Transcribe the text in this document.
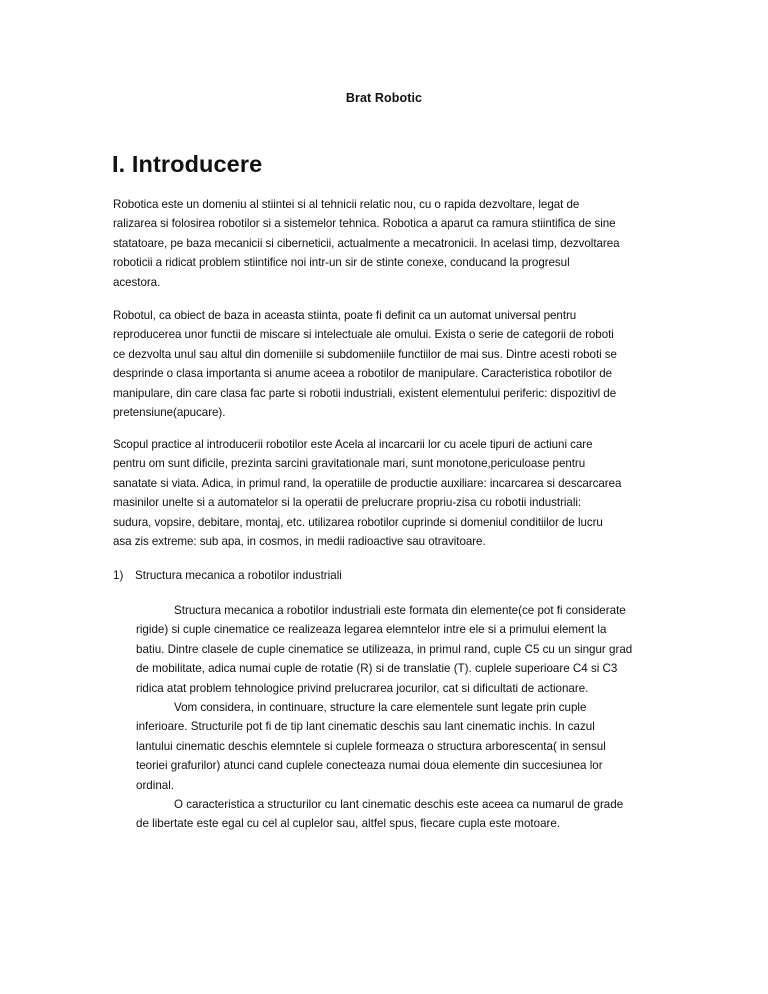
Brat Robotic
I. Introducere
Robotica este un domeniu al stiintei si al tehnicii relatic nou, cu o rapida dezvoltare, legat de
ralizarea si folosirea robotilor si a sistemelor tehnica. Robotica a aparut ca ramura stiintifica de sine
statatoare, pe baza mecanicii si ciberneticii, actualmente a mecatronicii. In acelasi timp, dezvoltarea
roboticii a ridicat problem stiintifice noi intr-un sir de stinte conexe, conducand la progresul
acestora.
Robotul, ca obiect de baza in aceasta stiinta, poate fi definit ca un automat universal pentru
reproducerea unor functii de miscare si intelectuale ale omului. Exista o serie de categorii de roboti
ce dezvolta unul sau altul din domeniile si subdomeniile functiilor de mai sus. Dintre acesti roboti se
desprinde o clasa importanta si anume aceea a robotilor de manipulare. Caracteristica robotilor de
manipulare, din care clasa fac parte si robotii industriali, existent elementului periferic: dispozitivl de
pretensiune(apucare).
Scopul practice al introducerii robotilor este Acela al incarcarii lor cu acele tipuri de actiuni care
pentru om sunt dificile, prezinta sarcini gravitationale mari, sunt monotone,periculoase pentru
sanatate si viata. Adica, in primul rand, la operatiile de productie auxiliare: incarcarea si descarcarea
masinilor unelte si a automatelor si la operatii de prelucrare propriu-zisa cu robotii industriali:
sudura, vopsire, debitare, montaj, etc. utilizarea robotilor cuprinde si domeniul conditiilor de lucru
asa zis extreme: sub apa, in cosmos, in medii radioactive sau otravitoare.
1) Structura mecanica a robotilor industriali
Structura mecanica a robotilor industriali este formata din elemente(ce pot fi considerate
rigide) si cuple cinematice ce realizeaza legarea elemntelor intre ele si a primului element la
batiu. Dintre clasele de cuple cinematice se utilizeaza, in primul rand, cuple C5 cu un singur grad
de mobilitate, adica numai cuple de rotatie (R) si de translatie (T). cuplele superioare C4 si C3
ridica atat problem tehnologice privind prelucrarea jocurilor, cat si dificultati de actionare.
Vom considera, in continuare, structure la care elementele sunt legate prin cuple
inferioare. Structurile pot fi de tip lant cinematic deschis sau lant cinematic inchis. In cazul
lantului cinematic deschis elemntele si cuplele formeaza o structura arborescenta( in sensul
teoriei grafurilor) atunci cand cuplele conecteaza numai doua elemente din succesiunea lor
ordinal.
O caracteristica a structurilor cu lant cinematic deschis este aceea ca numarul de grade
de libertate este egal cu cel al cuplelor sau, altfel spus, fiecare cupla este motoare.
